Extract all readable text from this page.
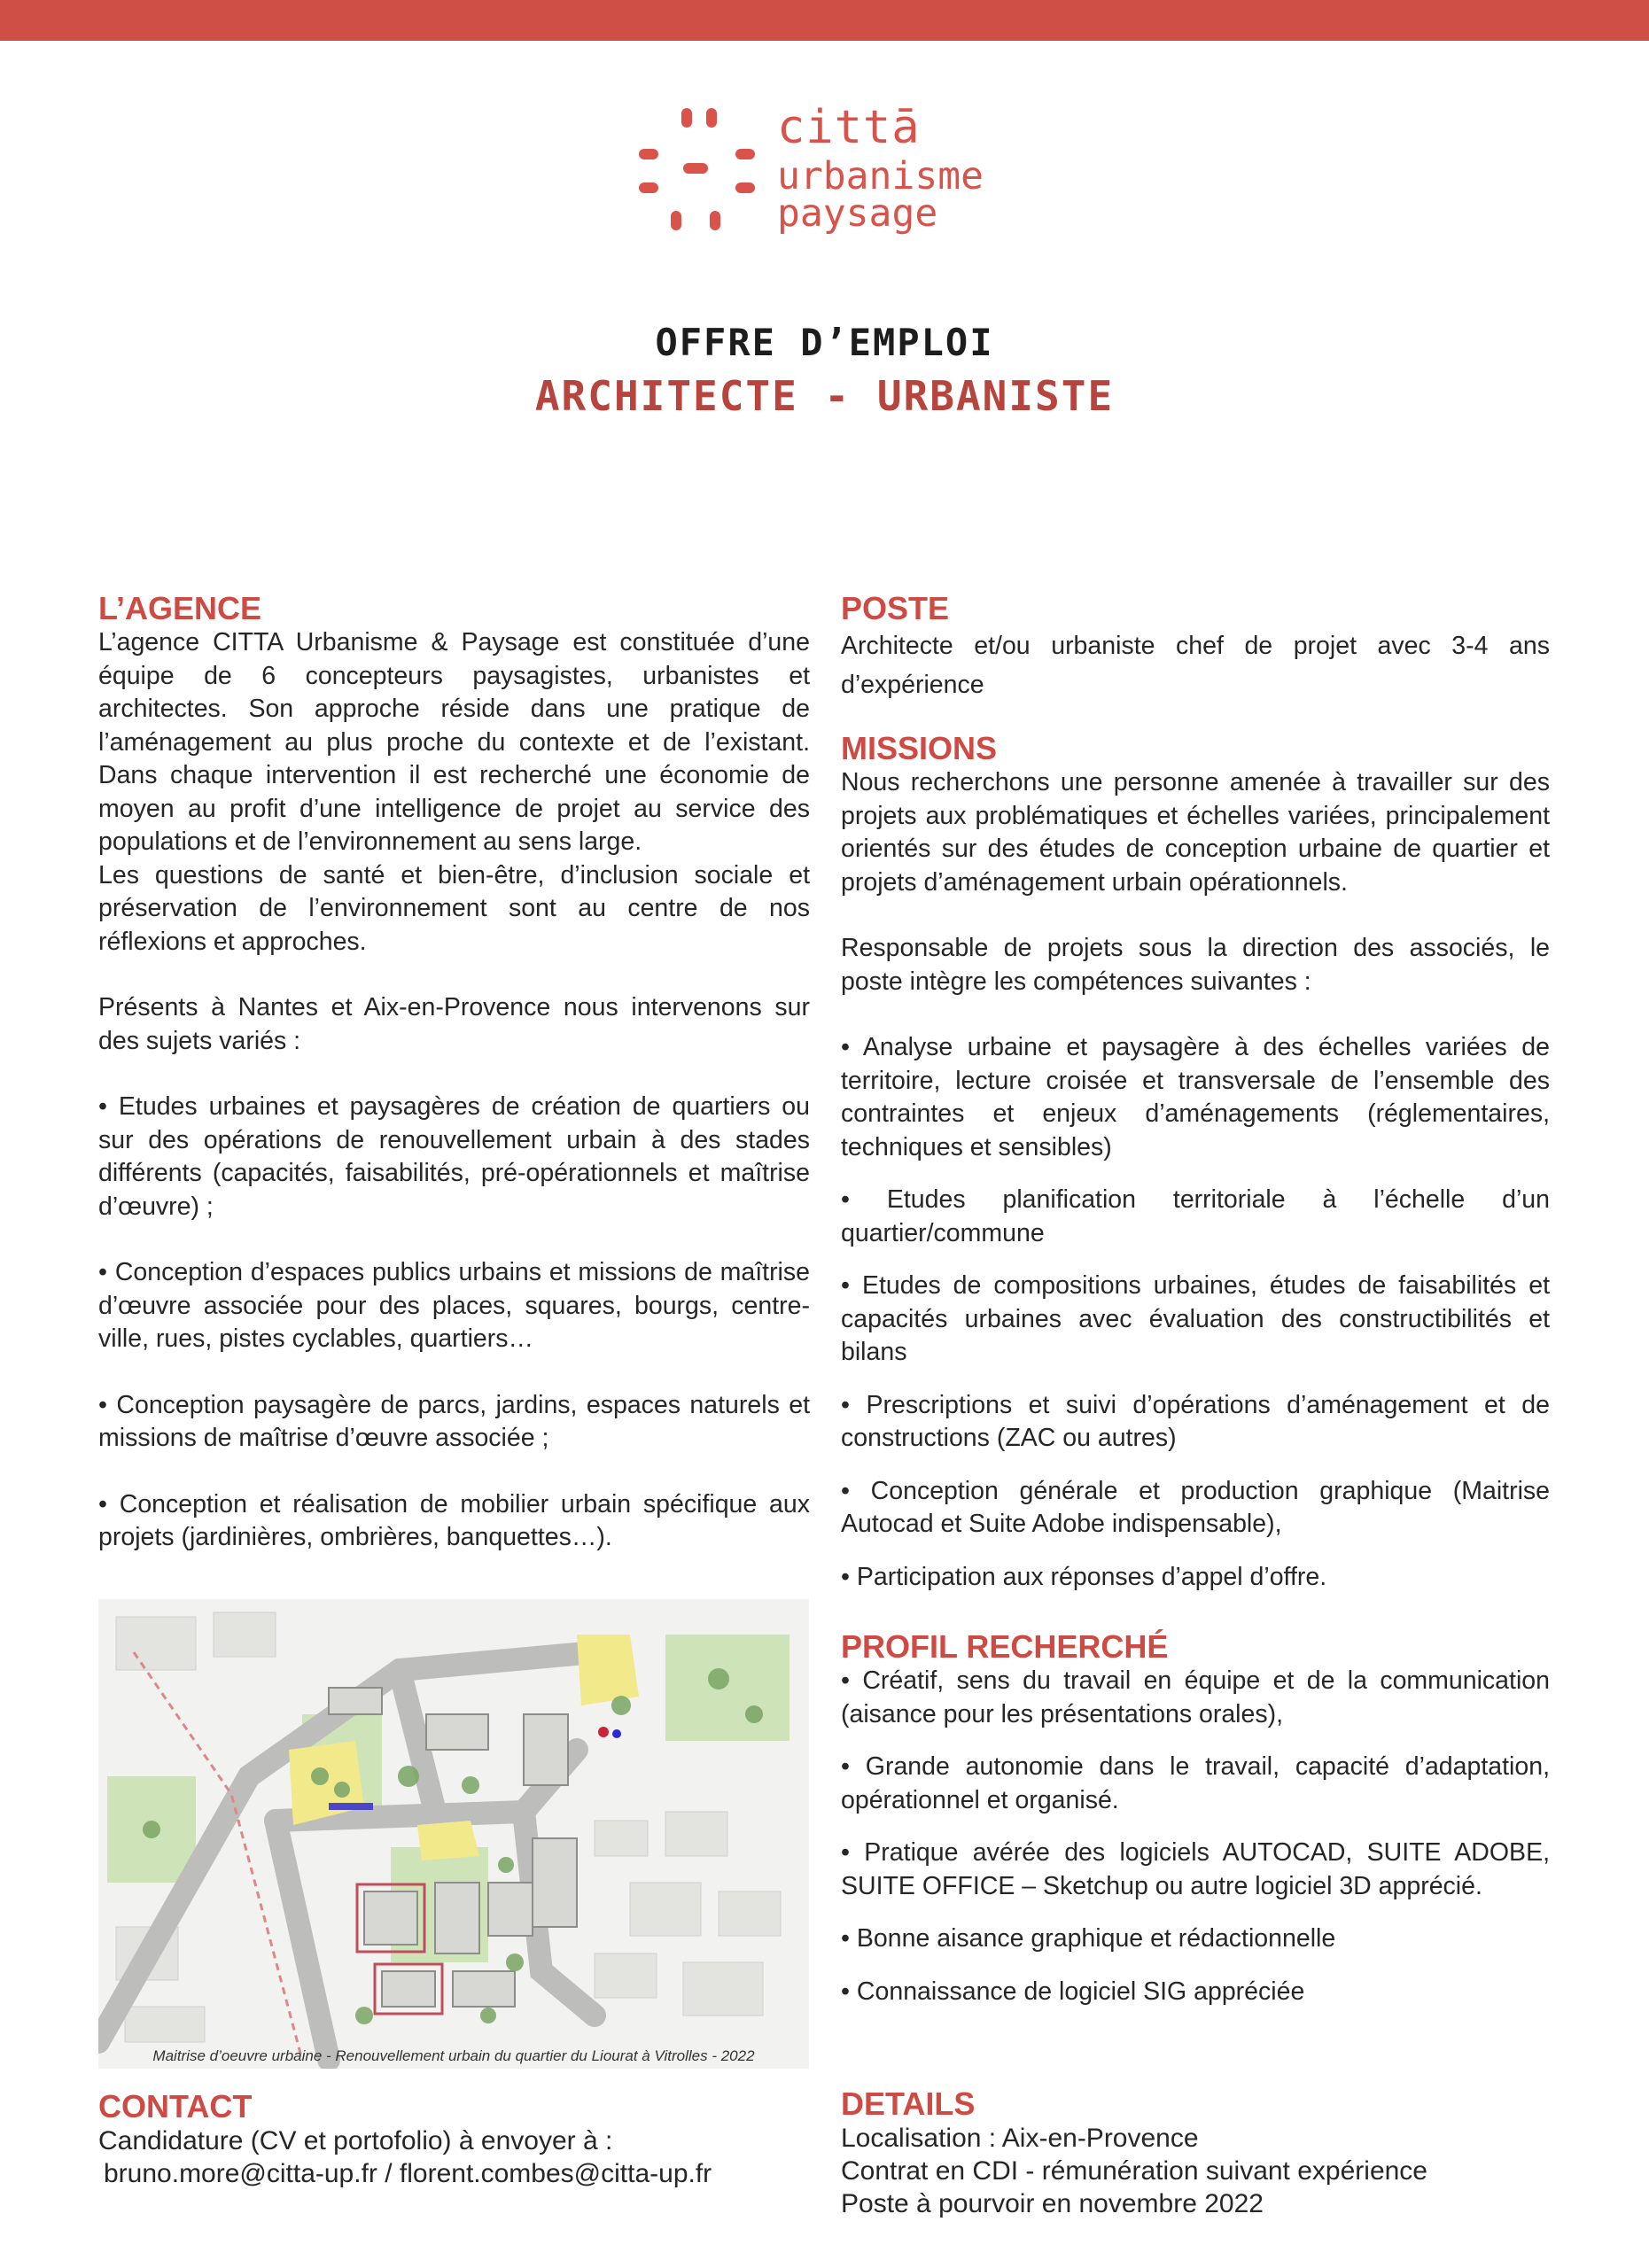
cittā
urbanisme
paysage
OFFRE D’EMPLOI
ARCHITECTE - URBANISTE
L’AGENCE
L’agence CITTA Urbanisme & Paysage est constituée d’une équipe de 6 concepteurs paysagistes, urbanistes et architectes. Son approche réside dans une pratique de l’aménagement au plus proche du contexte et de l’existant. Dans chaque intervention il est recherché une économie de moyen au profit d’une intelligence de projet au service des populations et de l’environnement au sens large.
Les questions de santé et bien-être, d’inclusion sociale et préservation de l’environnement sont au centre de nos réflexions et approches.
Présents à Nantes et Aix-en-Provence nous intervenons sur des sujets variés :
• Etudes urbaines et paysagères de création de quartiers ou sur des opérations de renouvellement urbain à des stades différents (capacités, faisabilités, pré-opérationnels et maîtrise d’œuvre) ;
• Conception d’espaces publics urbains et missions de maîtrise d’œuvre associée pour des places, squares, bourgs, centre-ville, rues, pistes cyclables, quartiers…
• Conception paysagère de parcs, jardins, espaces naturels et missions de maîtrise d’œuvre associée ;
• Conception et réalisation de mobilier urbain spécifique aux projets (jardinières, ombrières, banquettes…).
Maitrise d’oeuvre urbaine - Renouvellement urbain du quartier du Liourat à Vitrolles - 2022
CONTACT
Candidature (CV et portofolio) à envoyer à :
bruno.more@citta-up.fr / florent.combes@citta-up.fr
POSTE
Architecte et/ou urbaniste chef de projet avec 3-4 ans d’expérience
MISSIONS
Nous recherchons une personne amenée à travailler sur des projets aux problématiques et échelles variées, principalement orientés sur des études de conception urbaine de quartier et projets d’aménagement urbain opérationnels.
Responsable de projets sous la direction des associés, le poste intègre les compétences suivantes :
• Analyse urbaine et paysagère à des échelles variées de territoire, lecture croisée et transversale de l’ensemble des contraintes et enjeux d’aménagements (réglementaires, techniques et sensibles)
• Etudes planification territoriale à l’échelle d’un quartier/commune
• Etudes de compositions urbaines, études de faisabilités et capacités urbaines avec évaluation des constructibilités et bilans
• Prescriptions et suivi d’opérations d’aménagement et de constructions (ZAC ou autres)
• Conception générale et production graphique (Maitrise Autocad et Suite Adobe indispensable),
• Participation aux réponses d’appel d’offre.
PROFIL RECHERCHÉ
• Créatif, sens du travail en équipe et de la communication (aisance pour les présentations orales),
• Grande autonomie dans le travail, capacité d’adaptation, opérationnel et organisé.
• Pratique avérée des logiciels AUTOCAD, SUITE ADOBE, SUITE OFFICE – Sketchup ou autre logiciel 3D apprécié.
• Bonne aisance graphique et rédactionnelle
• Connaissance de logiciel SIG appréciée
DETAILS
Localisation : Aix-en-Provence
Contrat en CDI - rémunération suivant expérience
Poste à pourvoir en novembre 2022
